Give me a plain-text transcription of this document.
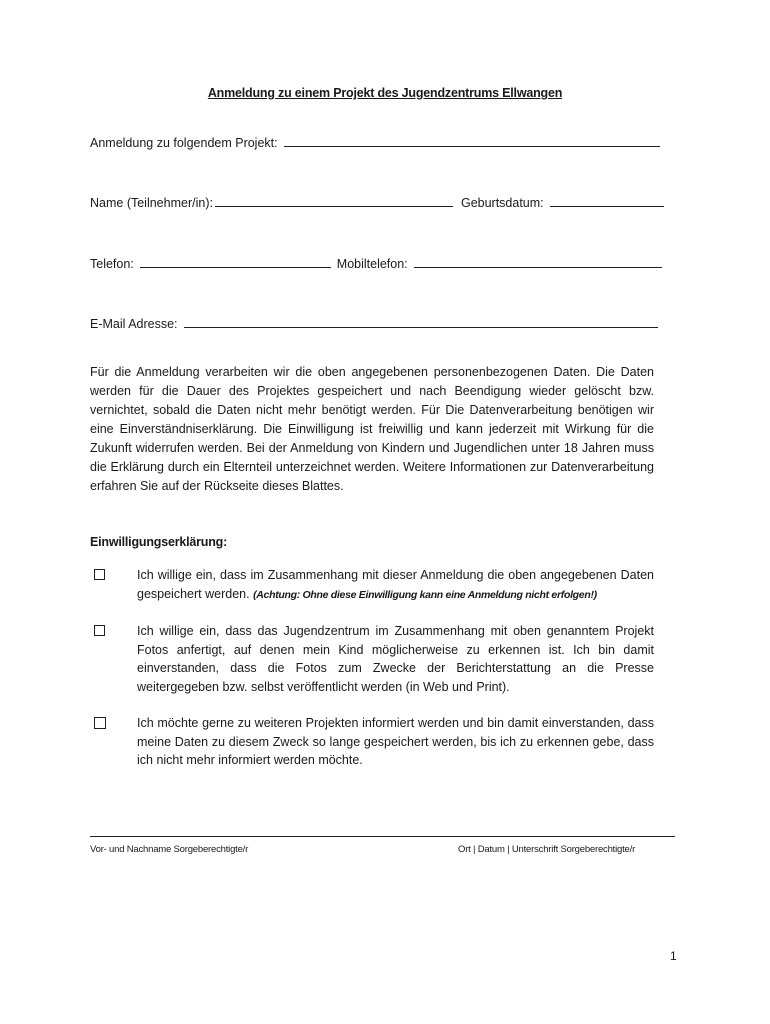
Anmeldung zu einem Projekt des Jugendzentrums Ellwangen
Anmeldung zu folgendem Projekt:
Name (Teilnehmer/in):	Geburtsdatum:
Telefon:	Mobiltelefon:
E-Mail Adresse:
Für die Anmeldung verarbeiten wir die oben angegebenen personenbezogenen Daten. Die Daten werden für die Dauer des Projektes gespeichert und nach Beendigung wieder gelöscht bzw. vernichtet, sobald die Daten nicht mehr benötigt werden. Für Die Datenverarbeitung benötigen wir eine Einverständniserklärung. Die Einwilligung ist freiwillig und kann jederzeit mit Wirkung für die Zukunft widerrufen werden. Bei der Anmeldung von Kindern und Jugendlichen unter 18 Jahren muss die Erklärung durch ein Elternteil unterzeichnet werden. Weitere Informationen zur Datenverarbeitung erfahren Sie auf der Rückseite dieses Blattes.
Einwilligungserklärung:
Ich willige ein, dass im Zusammenhang mit dieser Anmeldung die oben angegebenen Daten gespeichert werden. (Achtung: Ohne diese Einwilligung kann eine Anmeldung nicht erfolgen!)
Ich willige ein, dass das Jugendzentrum im Zusammenhang mit oben genanntem Projekt Fotos anfertigt, auf denen mein Kind möglicherweise zu erkennen ist. Ich bin damit einverstanden, dass die Fotos zum Zwecke der Berichterstattung an die Presse weitergegeben bzw. selbst veröffentlicht werden (in Web und Print).
Ich möchte gerne zu weiteren Projekten informiert werden und bin damit einverstanden, dass meine Daten zu diesem Zweck so lange gespeichert werden, bis ich zu erkennen gebe, dass ich nicht mehr informiert werden möchte.
Vor- und Nachname Sorgeberechtigte/r	Ort | Datum | Unterschrift Sorgeberechtigte/r
1
